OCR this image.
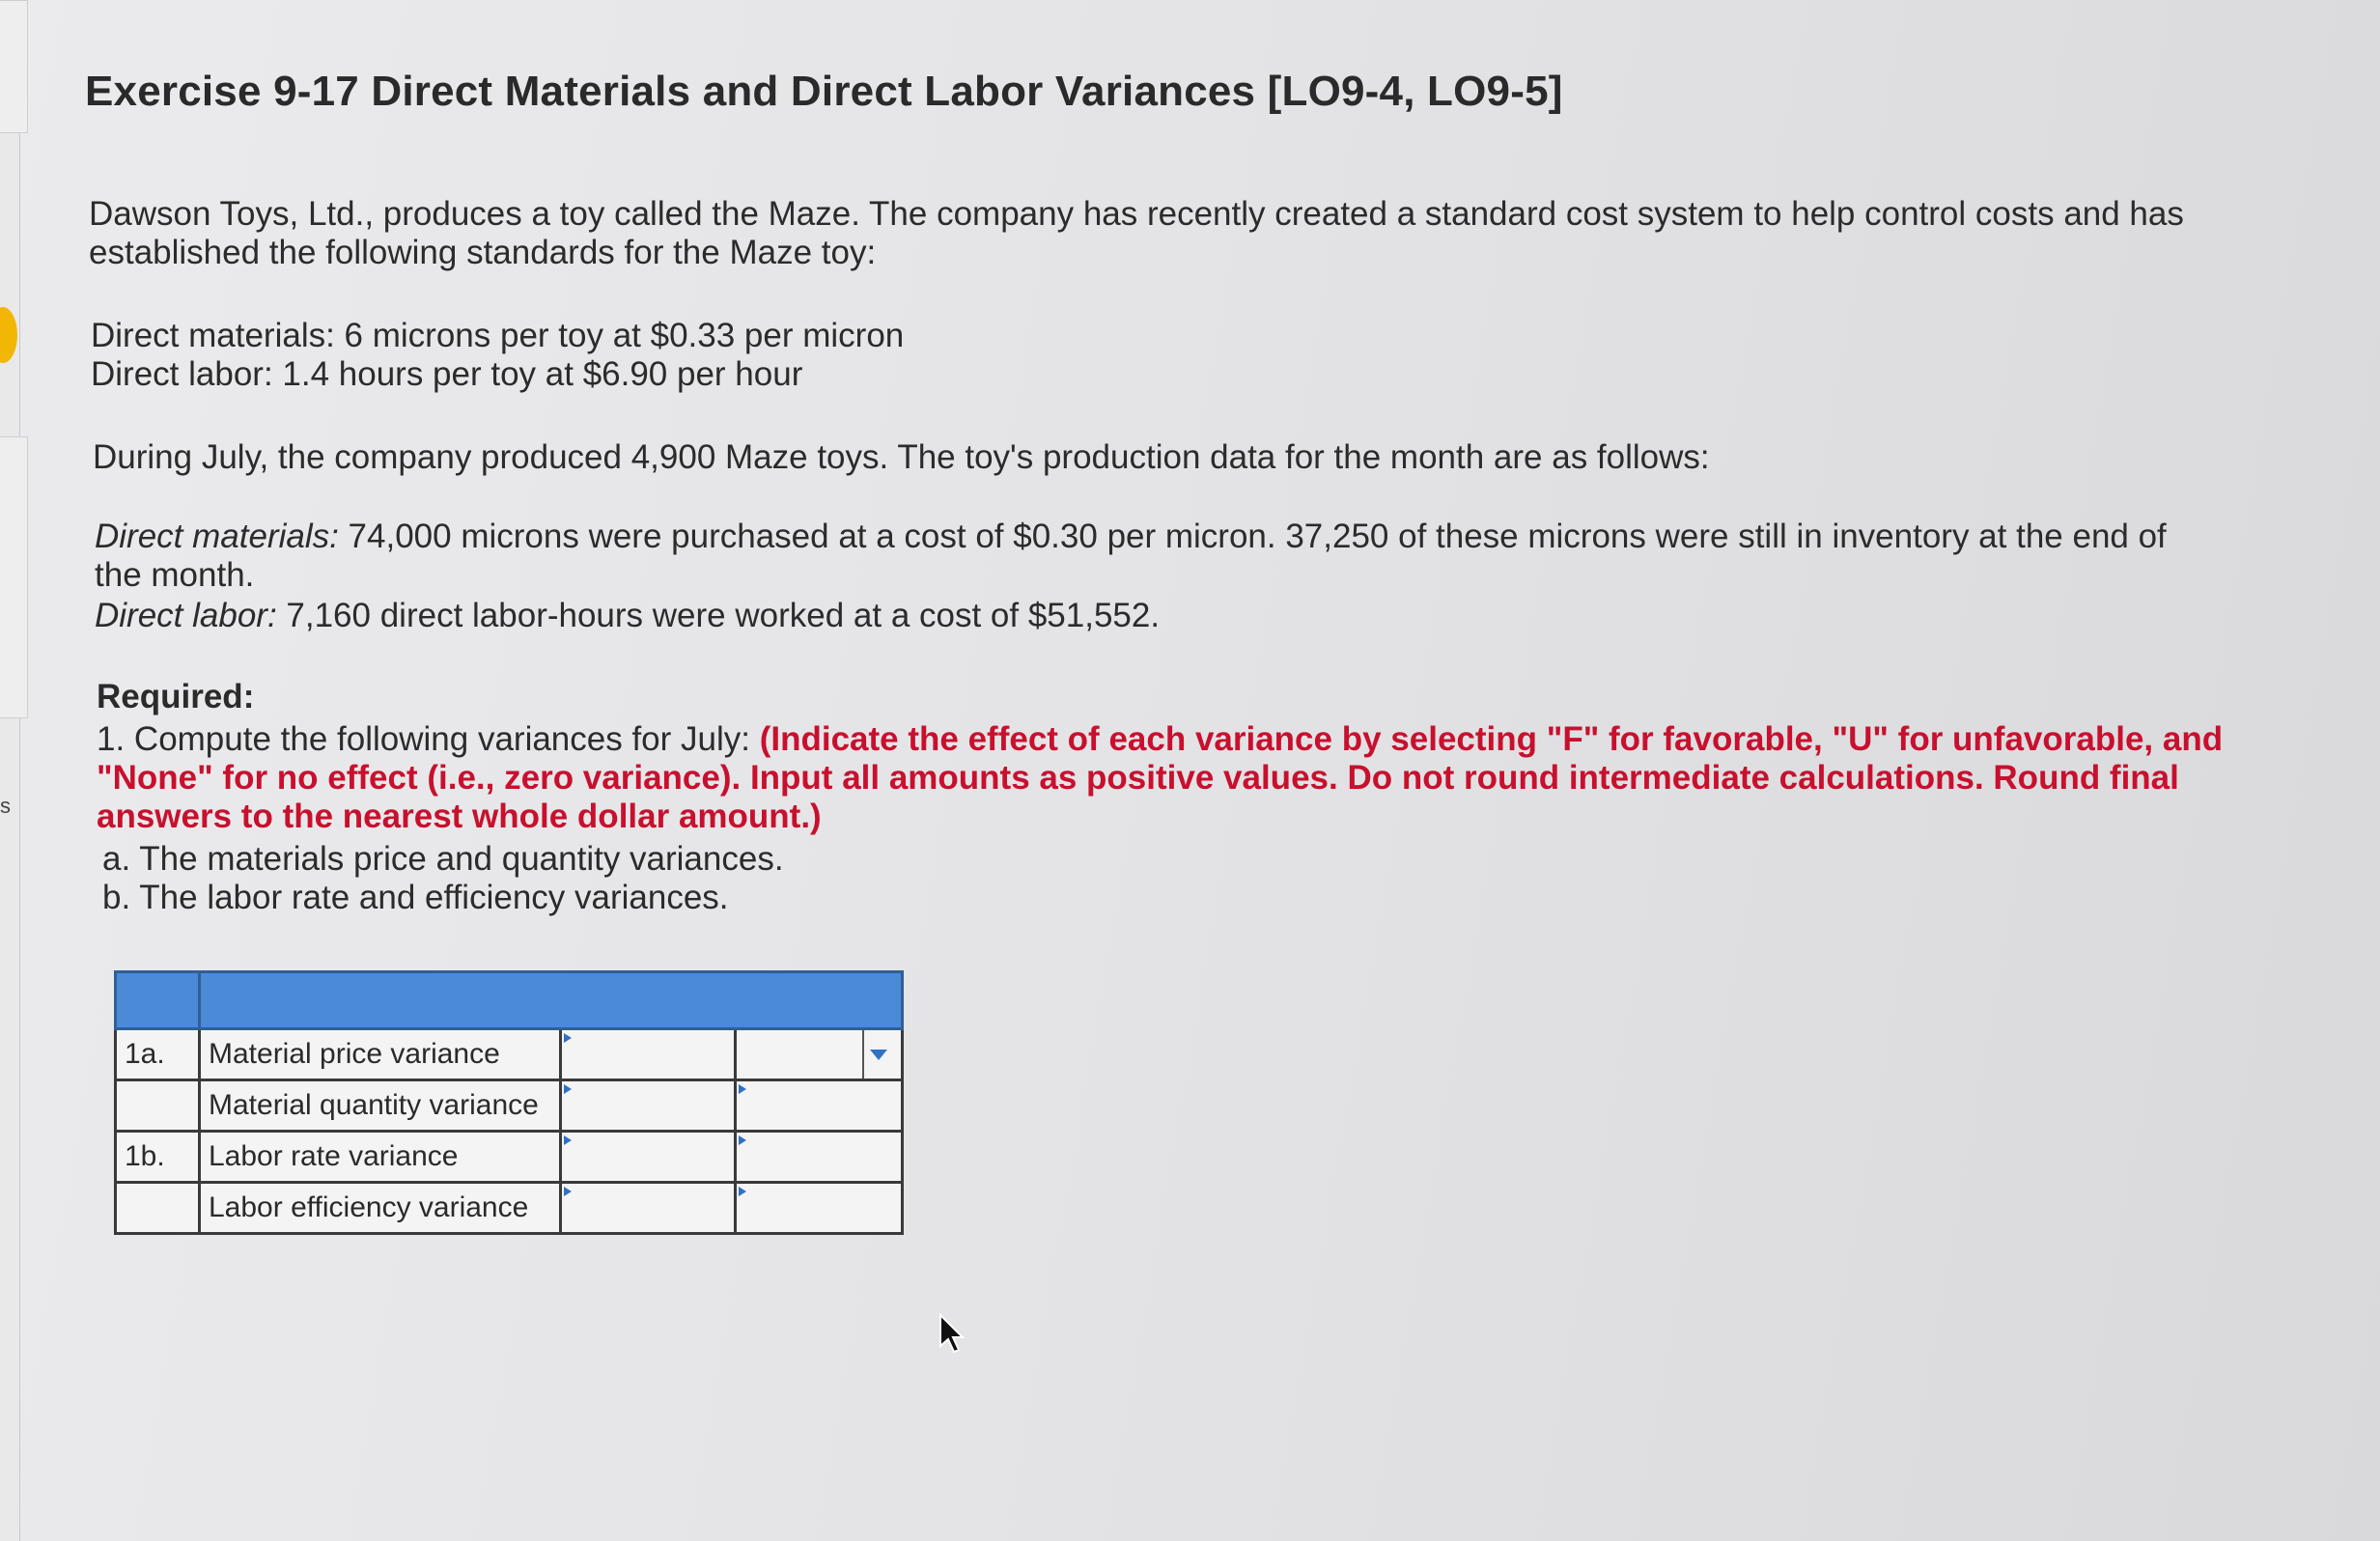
s
Exercise 9-17 Direct Materials and Direct Labor Variances [LO9-4, LO9-5]
Dawson Toys, Ltd., produces a toy called the Maze. The company has recently created a standard cost system to help control costs and has established the following standards for the Maze toy:
Direct materials: 6 microns per toy at $0.33 per micron
Direct labor: 1.4 hours per toy at $6.90 per hour
During July, the company produced 4,900 Maze toys. The toy's production data for the month are as follows:
Direct materials: 74,000 microns were purchased at a cost of $0.30 per micron. 37,250 of these microns were still in inventory at the end of the month.
Direct labor: 7,160 direct labor-hours were worked at a cost of $51,552.
Required:
1. Compute the following variances for July: (Indicate the effect of each variance by selecting "F" for favorable, "U" for unfavorable, and "None" for no effect (i.e., zero variance). Input all amounts as positive values. Do not round intermediate calculations. Round final answers to the nearest whole dollar amount.)
a. The materials price and quantity variances.
b. The labor rate and efficiency variances.

1a.	Material price variance	

	Material quantity variance	

1b.	Labor rate variance	

	Labor efficiency variance	
